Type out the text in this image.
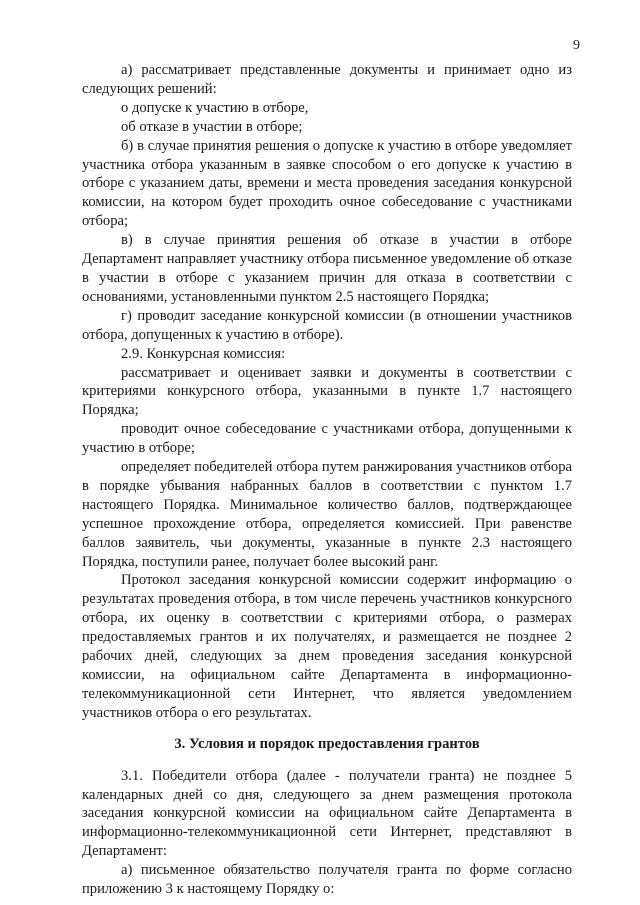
9

а) рассматривает представленные документы и принимает одно из следующих решений:

о допуске к участию в отборе,

об отказе в участии в отборе;

б) в случае принятия решения о допуске к участию в отборе уведомляет участника отбора указанным в заявке способом о его допуске к участию в отборе с указанием даты, времени и места проведения заседания конкурсной комиссии, на котором будет проходить очное собеседование с участниками отбора;

в) в случае принятия решения об отказе в участии в отборе Департамент направляет участнику отбора письменное уведомление об отказе в участии в отборе с указанием причин для отказа в соответствии с основаниями, установленными пунктом 2.5 настоящего Порядка;

г) проводит заседание конкурсной комиссии (в отношении участников отбора, допущенных к участию в отборе).

2.9. Конкурсная комиссия:

рассматривает и оценивает заявки и документы в соответствии с критериями конкурсного отбора, указанными в пункте 1.7 настоящего Порядка;

проводит очное собеседование с участниками отбора, допущенными к участию в отборе;

определяет победителей отбора путем ранжирования участников отбора в порядке убывания набранных баллов в соответствии с пунктом 1.7 настоящего Порядка. Минимальное количество баллов, подтверждающее успешное прохождение отбора, определяется комиссией. При равенстве баллов заявитель, чьи документы, указанные в пункте 2.3 настоящего Порядка, поступили ранее, получает более высокий ранг.

Протокол заседания конкурсной комиссии содержит информацию о результатах проведения отбора, в том числе перечень участников конкурсного отбора, их оценку в соответствии с критериями отбора, о размерах предоставляемых грантов и их получателях, и размещается не позднее 2 рабочих дней, следующих за днем проведения заседания конкурсной комиссии, на официальном сайте Департамента в информационно-телекоммуникационной сети Интернет, что является уведомлением участников отбора о его результатах.

3. Условия и порядок предоставления грантов

3.1. Победители отбора (далее - получатели гранта) не позднее 5 календарных дней со дня, следующего за днем размещения протокола заседания конкурсной комиссии на официальном сайте Департамента в информационно-телекоммуникационной сети Интернет, представляют в Департамент:

а) письменное обязательство получателя гранта по форме согласно приложению 3 к настоящему Порядку о:
